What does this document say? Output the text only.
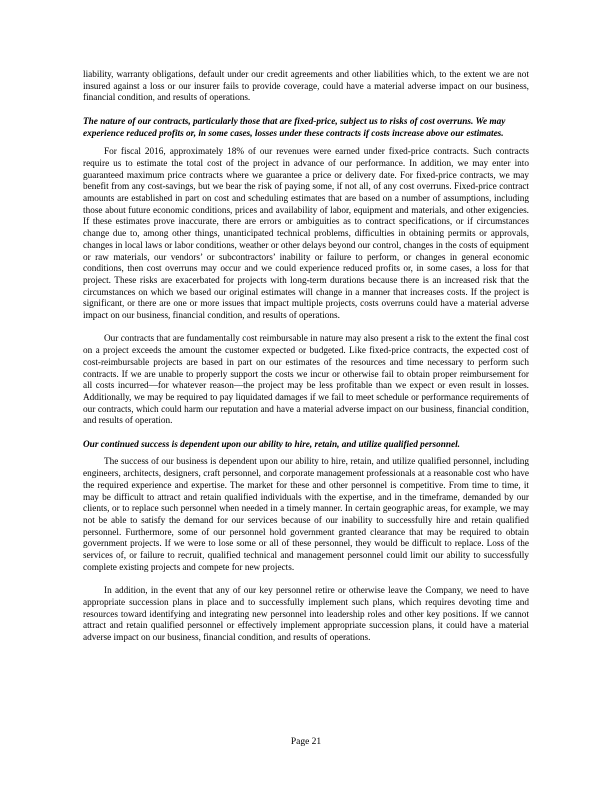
liability, warranty obligations, default under our credit agreements and other liabilities which, to the extent we are not insured against a loss or our insurer fails to provide coverage, could have a material adverse impact on our business, financial condition, and results of operations.

The nature of our contracts, particularly those that are fixed-price, subject us to risks of cost overruns. We may experience reduced profits or, in some cases, losses under these contracts if costs increase above our estimates.

For fiscal 2016, approximately 18% of our revenues were earned under fixed-price contracts. Such contracts require us to estimate the total cost of the project in advance of our performance. In addition, we may enter into guaranteed maximum price contracts where we guarantee a price or delivery date. For fixed-price contracts, we may benefit from any cost-savings, but we bear the risk of paying some, if not all, of any cost overruns. Fixed-price contract amounts are established in part on cost and scheduling estimates that are based on a number of assumptions, including those about future economic conditions, prices and availability of labor, equipment and materials, and other exigencies. If these estimates prove inaccurate, there are errors or ambiguities as to contract specifications, or if circumstances change due to, among other things, unanticipated technical problems, difficulties in obtaining permits or approvals, changes in local laws or labor conditions, weather or other delays beyond our control, changes in the costs of equipment or raw materials, our vendors’ or subcontractors’ inability or failure to perform, or changes in general economic conditions, then cost overruns may occur and we could experience reduced profits or, in some cases, a loss for that project. These risks are exacerbated for projects with long-term durations because there is an increased risk that the circumstances on which we based our original estimates will change in a manner that increases costs. If the project is significant, or there are one or more issues that impact multiple projects, costs overruns could have a material adverse impact on our business, financial condition, and results of operations.

Our contracts that are fundamentally cost reimbursable in nature may also present a risk to the extent the final cost on a project exceeds the amount the customer expected or budgeted. Like fixed-price contracts, the expected cost of cost-reimbursable projects are based in part on our estimates of the resources and time necessary to perform such contracts. If we are unable to properly support the costs we incur or otherwise fail to obtain proper reimbursement for all costs incurred—for whatever reason—the project may be less profitable than we expect or even result in losses. Additionally, we may be required to pay liquidated damages if we fail to meet schedule or performance requirements of our contracts, which could harm our reputation and have a material adverse impact on our business, financial condition, and results of operation.

Our continued success is dependent upon our ability to hire, retain, and utilize qualified personnel.

The success of our business is dependent upon our ability to hire, retain, and utilize qualified personnel, including engineers, architects, designers, craft personnel, and corporate management professionals at a reasonable cost who have the required experience and expertise. The market for these and other personnel is competitive. From time to time, it may be difficult to attract and retain qualified individuals with the expertise, and in the timeframe, demanded by our clients, or to replace such personnel when needed in a timely manner. In certain geographic areas, for example, we may not be able to satisfy the demand for our services because of our inability to successfully hire and retain qualified personnel. Furthermore, some of our personnel hold government granted clearance that may be required to obtain government projects. If we were to lose some or all of these personnel, they would be difficult to replace. Loss of the services of, or failure to recruit, qualified technical and management personnel could limit our ability to successfully complete existing projects and compete for new projects.

In addition, in the event that any of our key personnel retire or otherwise leave the Company, we need to have appropriate succession plans in place and to successfully implement such plans, which requires devoting time and resources toward identifying and integrating new personnel into leadership roles and other key positions. If we cannot attract and retain qualified personnel or effectively implement appropriate succession plans, it could have a material adverse impact on our business, financial condition, and results of operations.

Page 21
